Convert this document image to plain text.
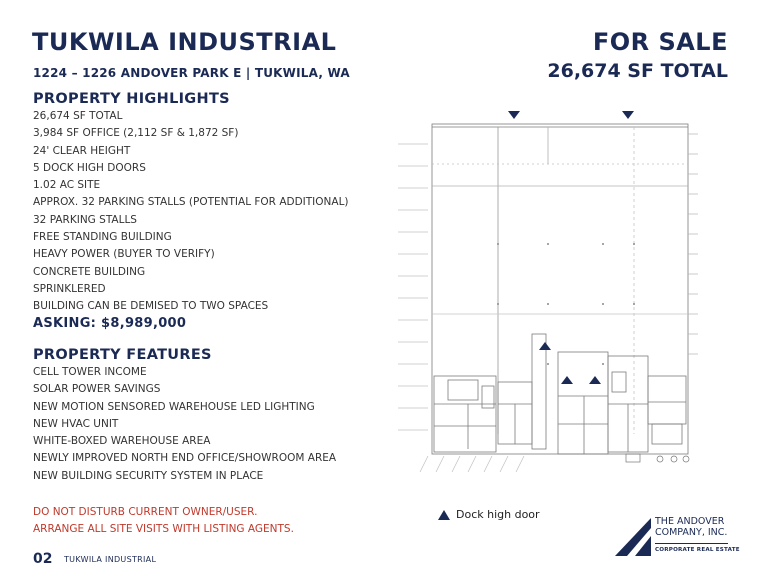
TUKWILA INDUSTRIAL	FOR SALE
1224 – 1226 ANDOVER PARK E | TUKWILA, WA	26,674 SF TOTAL
PROPERTY HIGHLIGHTS
26,674 SF TOTAL
3,984 SF OFFICE (2,112 SF & 1,872 SF)
24' CLEAR HEIGHT
5 DOCK HIGH DOORS
1.02 AC SITE
APPROX. 32 PARKING STALLS (POTENTIAL FOR ADDITIONAL)
32 PARKING STALLS
FREE STANDING BUILDING
HEAVY POWER (BUYER TO VERIFY)
CONCRETE BUILDING
SPRINKLERED
BUILDING CAN BE DEMISED TO TWO SPACES
ASKING: $8,989,000
PROPERTY FEATURES
CELL TOWER INCOME
SOLAR POWER SAVINGS
NEW MOTION SENSORED WAREHOUSE LED LIGHTING
NEW HVAC UNIT
WHITE-BOXED WAREHOUSE AREA
NEWLY IMPROVED NORTH END OFFICE/SHOWROOM AREA
NEW BUILDING SECURITY SYSTEM IN PLACE
DO NOT DISTURB CURRENT OWNER/USER.
ARRANGE ALL SITE VISITS WITH LISTING AGENTS.
02 TUKWILA INDUSTRIAL
Dock high door
THE ANDOVER
COMPANY, INC.
CORPORATE REAL ESTATE
